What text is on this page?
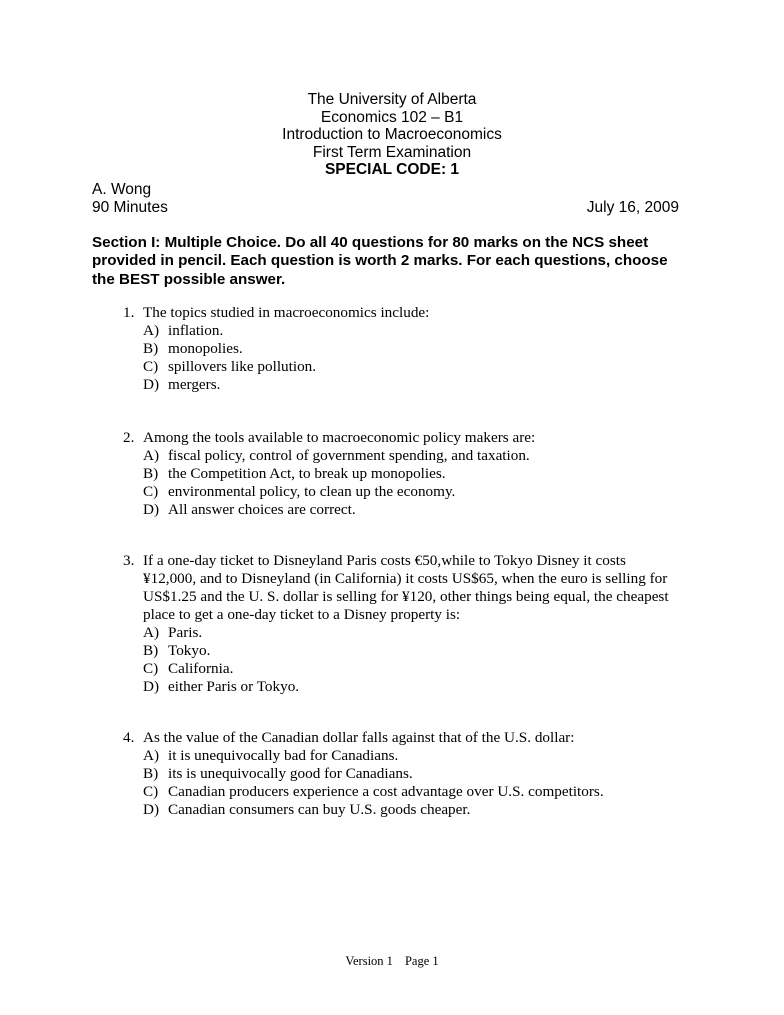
The University of Alberta
Economics 102 – B1
Introduction to Macroeconomics
First Term Examination
SPECIAL CODE: 1
A. Wong
90 Minutes	July 16, 2009
Section I: Multiple Choice. Do all 40 questions for 80 marks on the NCS sheet
provided in pencil. Each question is worth 2 marks. For each questions, choose
the BEST possible answer.
1. The topics studied in macroeconomics include:
A) inflation.
B) monopolies.
C) spillovers like pollution.
D) mergers.
2. Among the tools available to macroeconomic policy makers are:
A) fiscal policy, control of government spending, and taxation.
B) the Competition Act, to break up monopolies.
C) environmental policy, to clean up the economy.
D) All answer choices are correct.
3. If a one-day ticket to Disneyland Paris costs €50,while to Tokyo Disney it costs
¥12,000, and to Disneyland (in California) it costs US$65, when the euro is selling for
US$1.25 and the U. S. dollar is selling for ¥120, other things being equal, the cheapest
place to get a one-day ticket to a Disney property is:
A) Paris.
B) Tokyo.
C) California.
D) either Paris or Tokyo.
4. As the value of the Canadian dollar falls against that of the U.S. dollar:
A) it is unequivocally bad for Canadians.
B) its is unequivocally good for Canadians.
C) Canadian producers experience a cost advantage over U.S. competitors.
D) Canadian consumers can buy U.S. goods cheaper.
Version 1 Page 1
